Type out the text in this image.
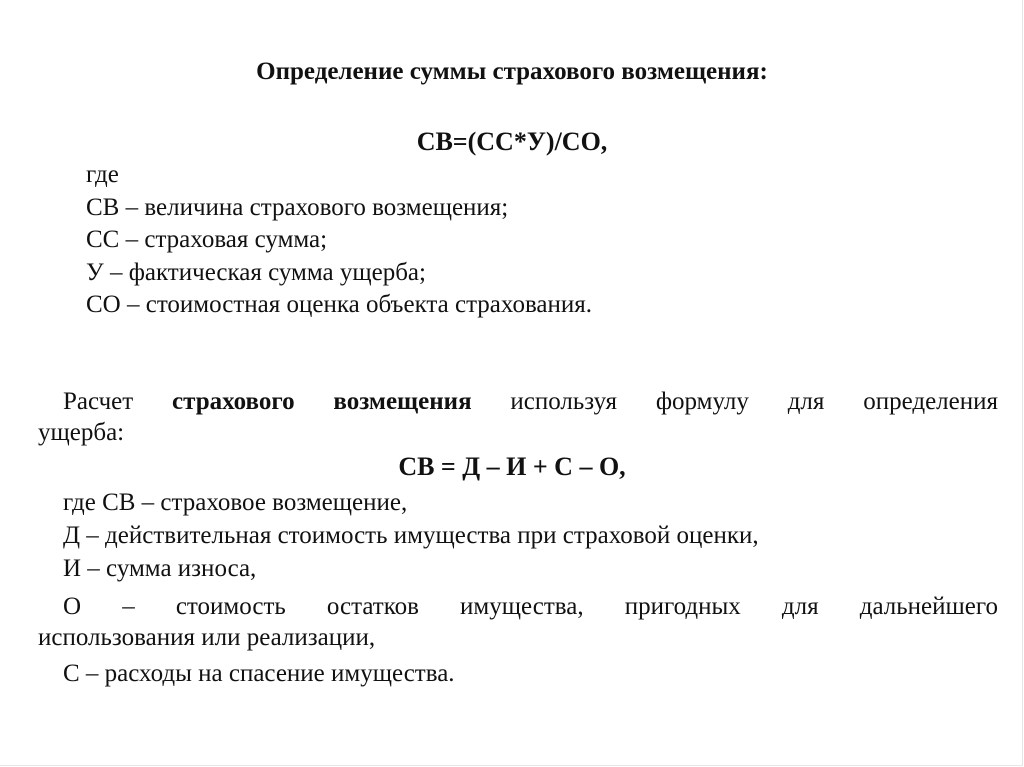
Определение суммы страхового возмещения:
СВ=(СС*У)/СО,
где
СВ – величина страхового возмещения;
СС – страховая сумма;
У – фактическая сумма ущерба;
СО – стоимостная оценка объекта страхования.
Расчет страхового возмещения используя формулу для определения
ущерба:
СВ = Д – И + С – О,
где СВ – страховое возмещение,
Д – действительная стоимость имущества при страховой оценки,
И – сумма износа,
О – стоимость остатков имущества, пригодных для дальнейшего
использования или реализации,
С – расходы на спасение имущества.
